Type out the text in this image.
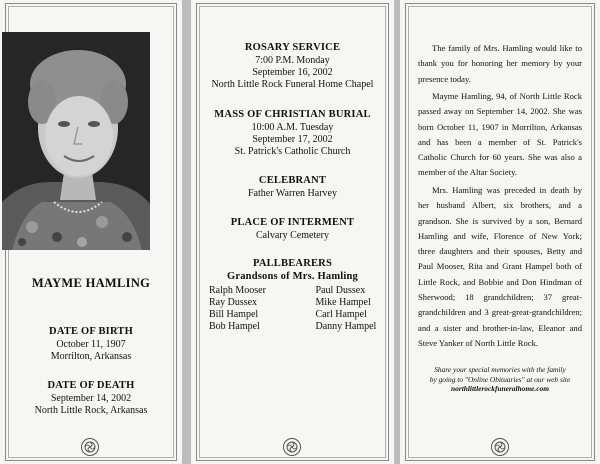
MAYME HAMLING
DATE OF BIRTH
October 11, 1907
Morrilton, Arkansas
DATE OF DEATH
September 14, 2002
North Little Rock, Arkansas
ROSARY SERVICE
7:00 P.M. Monday
September 16, 2002
North Little Rock Funeral Home Chapel
MASS OF CHRISTIAN BURIAL
10:00 A.M. Tuesday
September 17, 2002
St. Patrick's Catholic Church
CELEBRANT
Father Warren Harvey
PLACE OF INTERMENT
Calvary Cemetery
PALLBEARERS
Grandsons of Mrs. Hamling
Ralph Mooser	Paul Dussex
Ray Dussex	Mike Hampel
Bill Hampel	Carl Hampel
Bob Hampel	Danny Hampel
The family of Mrs. Hamling would like to thank you for honoring her memory by your presence today.
Mayme Hamling, 94, of North Little Rock passed away on September 14, 2002. She was born October 11, 1907 in Morrilton, Arkansas and has been a member of St. Patrick's Catholic Church for 60 years. She was also a member of the Altar Society.
Mrs. Hamling was preceded in death by her husband Albert, six brothers, and a grandson. She is survived by a son, Bernard Hamling and wife, Florence of New York; three daughters and their spouses, Betty and Paul Mooser, Rita and Grant Hampel both of Little Rock, and Bobbie and Don Hindman of Sherwood; 18 grandchildren; 37 great-grandchildren and 3 great-great-grandchildren; and a sister and brother-in-law, Eleanor and Steve Yanker of North Little Rock.
Share your special memories with the family
by going to "Online Obituaries" at our web site
northlittlerockfuneralhome.com
